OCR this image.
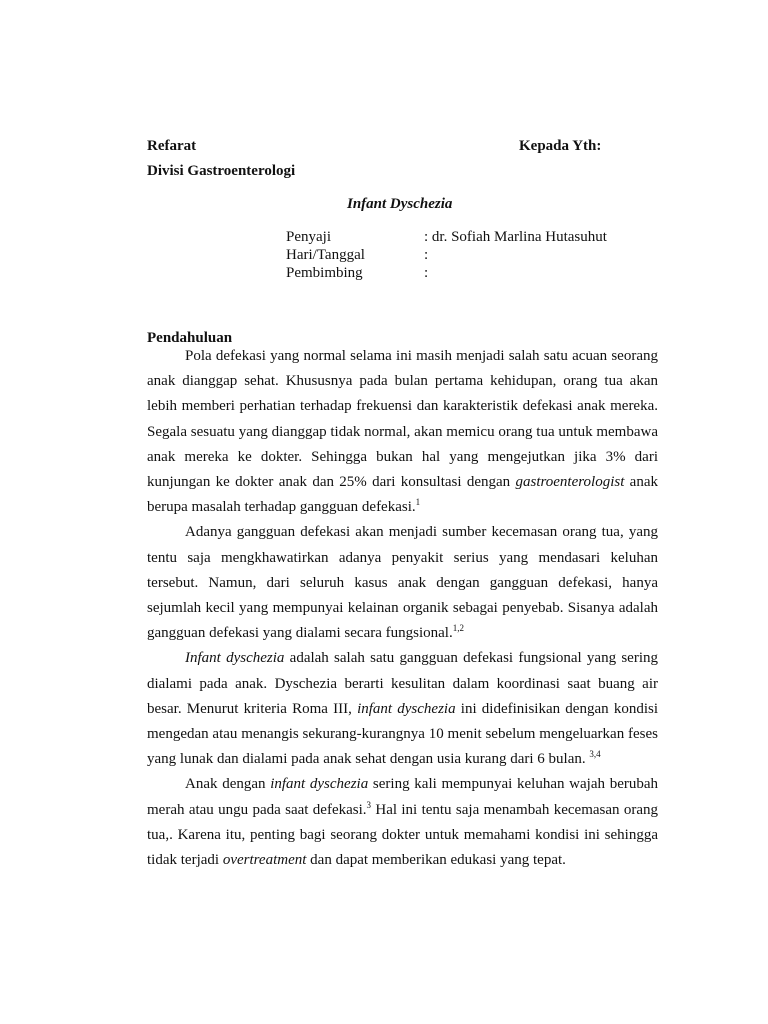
Refarat	Kepada Yth:
Divisi Gastroenterologi
Infant Dyschezia
Penyaji	: dr. Sofiah Marlina Hutasuhut
Hari/Tanggal	:
Pembimbing	:
Pendahuluan

Pola defekasi yang normal selama ini masih menjadi salah satu acuan seorang anak dianggap sehat. Khususnya pada bulan pertama kehidupan, orang tua akan lebih memberi perhatian terhadap frekuensi dan karakteristik defekasi anak mereka. Segala sesuatu yang dianggap tidak normal, akan memicu orang tua untuk membawa anak mereka ke dokter. Sehingga bukan hal yang mengejutkan jika 3% dari kunjungan ke dokter anak dan 25% dari konsultasi dengan gastroenterologist anak berupa masalah terhadap gangguan defekasi.$^1$

Adanya gangguan defekasi akan menjadi sumber kecemasan orang tua, yang tentu saja mengkhawatirkan adanya penyakit serius yang mendasari keluhan tersebut. Namun, dari seluruh kasus anak dengan gangguan defekasi, hanya sejumlah kecil yang mempunyai kelainan organik sebagai penyebab. Sisanya adalah gangguan defekasi yang dialami secara fungsional.$^{1,2}$

Infant dyschezia adalah salah satu gangguan defekasi fungsional yang sering dialami pada anak. Dyschezia berarti kesulitan dalam koordinasi saat buang air besar. Menurut kriteria Roma III, infant dyschezia ini didefinisikan dengan kondisi mengedan atau menangis sekurang-kurangnya 10 menit sebelum mengeluarkan feses yang lunak dan dialami pada anak sehat dengan usia kurang dari 6 bulan. $^{3,4}$

Anak dengan infant dyschezia sering kali mempunyai keluhan wajah berubah merah atau ungu pada saat defekasi.$^3$ Hal ini tentu saja menambah kecemasan orang tua,. Karena itu, penting bagi seorang dokter untuk memahami kondisi ini sehingga tidak terjadi overtreatment dan dapat memberikan edukasi yang tepat.
